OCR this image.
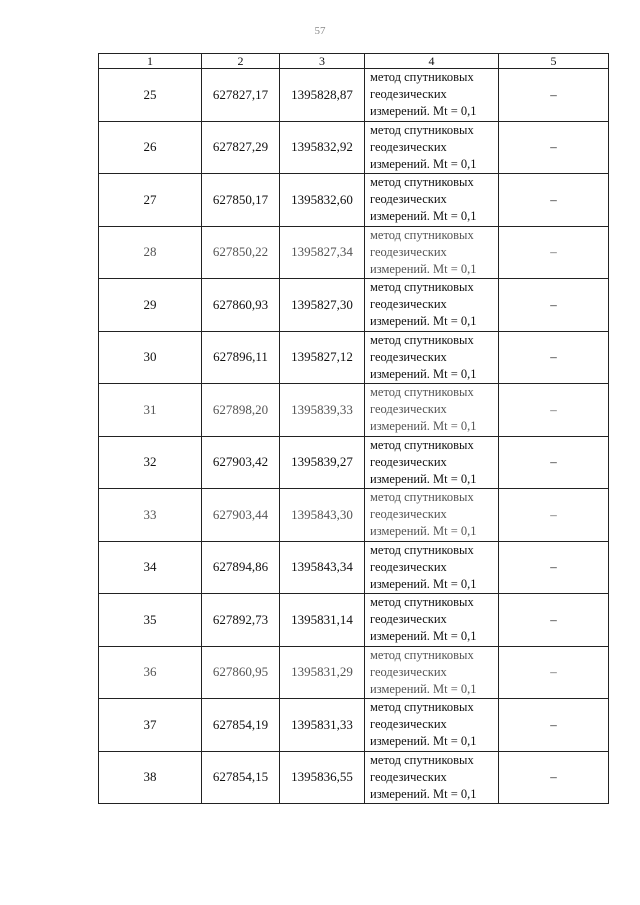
57
1	2	3	4	5
25	627827,17	1395828,87	метод спутниковых
геодезических
измерений. Mt = 0,1	–
26	627827,29	1395832,92	метод спутниковых
геодезических
измерений. Mt = 0,1	–
27	627850,17	1395832,60	метод спутниковых
геодезических
измерений. Mt = 0,1	–
28	627850,22	1395827,34	метод спутниковых
геодезических
измерений. Mt = 0,1	–
29	627860,93	1395827,30	метод спутниковых
геодезических
измерений. Mt = 0,1	–
30	627896,11	1395827,12	метод спутниковых
геодезических
измерений. Mt = 0,1	–
31	627898,20	1395839,33	метод спутниковых
геодезических
измерений. Mt = 0,1	–
32	627903,42	1395839,27	метод спутниковых
геодезических
измерений. Mt = 0,1	–
33	627903,44	1395843,30	метод спутниковых
геодезических
измерений. Mt = 0,1	–
34	627894,86	1395843,34	метод спутниковых
геодезических
измерений. Mt = 0,1	–
35	627892,73	1395831,14	метод спутниковых
геодезических
измерений. Mt = 0,1	–
36	627860,95	1395831,29	метод спутниковых
геодезических
измерений. Mt = 0,1	–
37	627854,19	1395831,33	метод спутниковых
геодезических
измерений. Mt = 0,1	–
38	627854,15	1395836,55	метод спутниковых
геодезических
измерений. Mt = 0,1	–
